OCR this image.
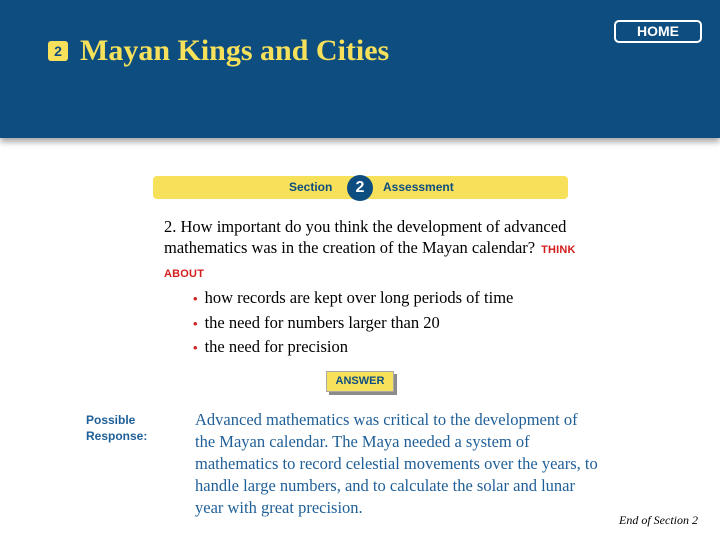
2 Mayan Kings and Cities
HOME
Section	2	Assessment
2. How important do you think the development of advanced mathematics was in the creation of the Mayan calendar? THINK ABOUT
• how records are kept over long periods of time
• the need for numbers larger than 20
• the need for precision
ANSWER
Possible Response:
Advanced mathematics was critical to the development of the Mayan calendar. The Maya needed a system of mathematics to record celestial movements over the years, to handle large numbers, and to calculate the solar and lunar year with great precision.
End of Section 2
